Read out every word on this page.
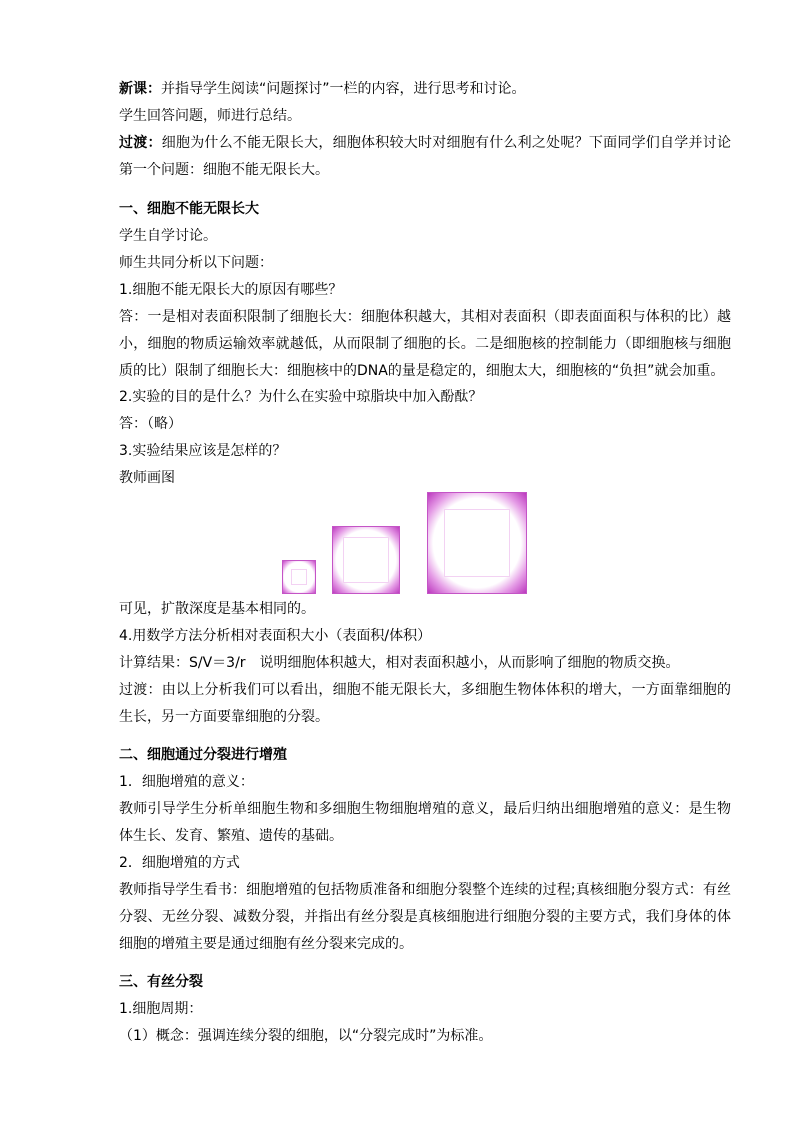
新课：并指导学生阅读“问题探讨”一栏的内容，进行思考和讨论。
学生回答问题，师进行总结。
过渡：细胞为什么不能无限长大，细胞体积较大时对细胞有什么利之处呢？下面同学们自学并讨论第一个问题：细胞不能无限长大。
一、细胞不能无限长大
学生自学讨论。
师生共同分析以下问题：
1.细胞不能无限长大的原因有哪些？
答：一是相对表面积限制了细胞长大：细胞体积越大，其相对表面积（即表面面积与体积的比）越小，细胞的物质运输效率就越低，从而限制了细胞的长。二是细胞核的控制能力（即细胞核与细胞质的比）限制了细胞长大：细胞核中的DNA的量是稳定的，细胞太大，细胞核的“负担”就会加重。
2.实验的目的是什么？为什么在实验中琼脂块中加入酚酞？
答：（略）
3.实验结果应该是怎样的？
教师画图
可见，扩散深度是基本相同的。
4.用数学方法分析相对表面积大小（表面积/体积）
计算结果：S/V＝3/r　说明细胞体积越大，相对表面积越小，从而影响了细胞的物质交换。
过渡：由以上分析我们可以看出，细胞不能无限长大，多细胞生物体体积的增大，一方面靠细胞的生长，另一方面要靠细胞的分裂。
二、细胞通过分裂进行增殖
1．细胞增殖的意义：
教师引导学生分析单细胞生物和多细胞生物细胞增殖的意义，最后归纳出细胞增殖的意义：是生物体生长、发育、繁殖、遗传的基础。
2．细胞增殖的方式
教师指导学生看书：细胞增殖的包括物质准备和细胞分裂整个连续的过程;真核细胞分裂方式：有丝分裂、无丝分裂、减数分裂，并指出有丝分裂是真核细胞进行细胞分裂的主要方式，我们身体的体细胞的增殖主要是通过细胞有丝分裂来完成的。
三、有丝分裂
1.细胞周期：
（1）概念：强调连续分裂的细胞，以“分裂完成时”为标准。
